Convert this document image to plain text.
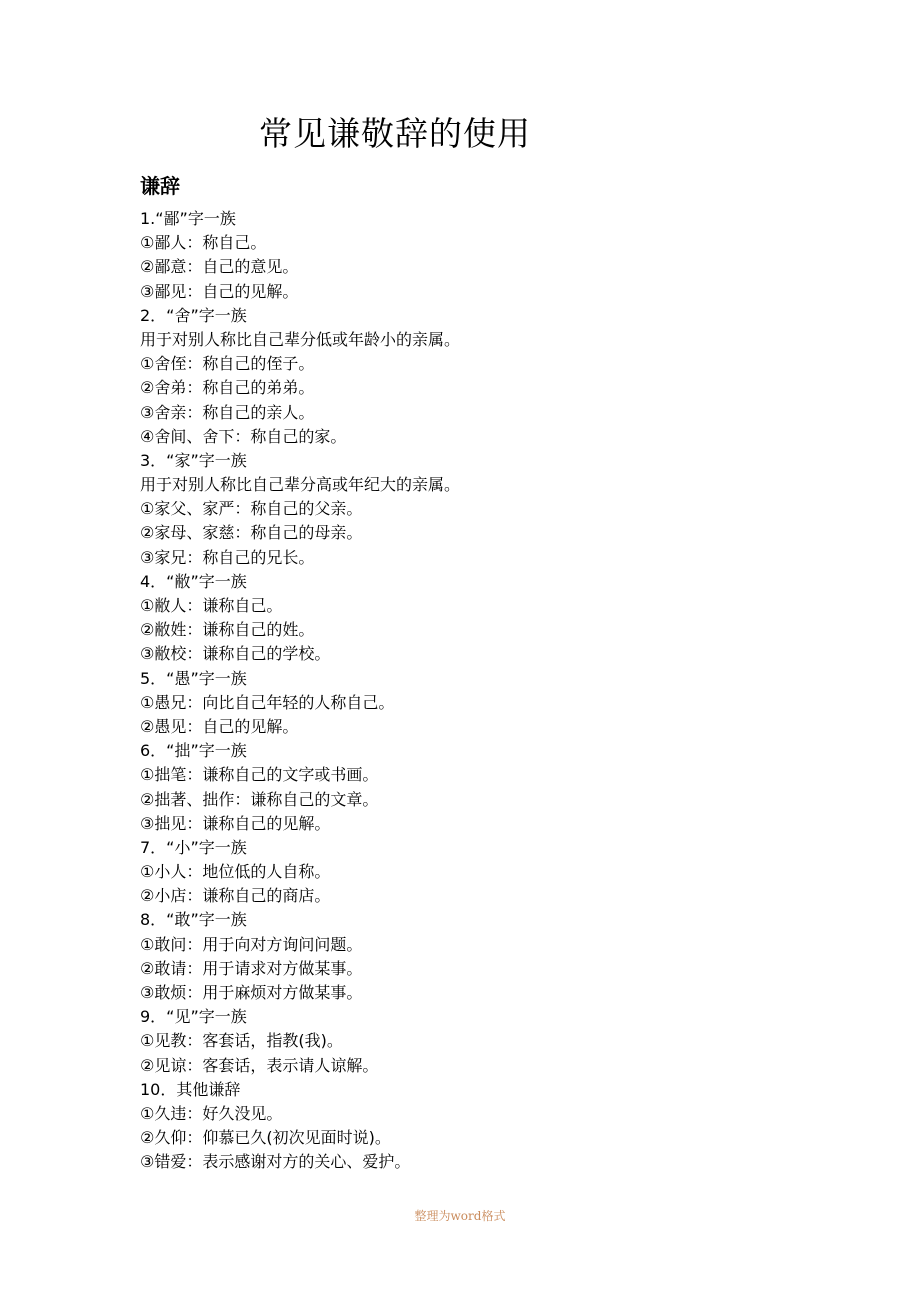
常见谦敬辞的使用
谦辞
1.“鄙”字一族
①鄙人：称自己。
②鄙意：自己的意见。
③鄙见：自己的见解。
2．“舍”字一族
用于对别人称比自己辈分低或年龄小的亲属。
①舍侄：称自己的侄子。
②舍弟：称自己的弟弟。
③舍亲：称自己的亲人。
④舍间、舍下：称自己的家。
3．“家”字一族
用于对别人称比自己辈分高或年纪大的亲属。
①家父、家严：称自己的父亲。
②家母、家慈：称自己的母亲。
③家兄：称自己的兄长。
4．“敝”字一族
①敝人：谦称自己。
②敝姓：谦称自己的姓。
③敝校：谦称自己的学校。
5．“愚”字一族
①愚兄：向比自己年轻的人称自己。
②愚见：自己的见解。
6．“拙”字一族
①拙笔：谦称自己的文字或书画。
②拙著、拙作：谦称自己的文章。
③拙见：谦称自己的见解。
7．“小”字一族
①小人：地位低的人自称。
②小店：谦称自己的商店。
8．“敢”字一族
①敢问：用于向对方询问问题。
②敢请：用于请求对方做某事。
③敢烦：用于麻烦对方做某事。
9．“见”字一族
①见教：客套话，指教(我)。
②见谅：客套话，表示请人谅解。
10．其他谦辞
①久违：好久没见。
②久仰：仰慕已久(初次见面时说)。
③错爱：表示感谢对方的关心、爱护。
整理为word格式
